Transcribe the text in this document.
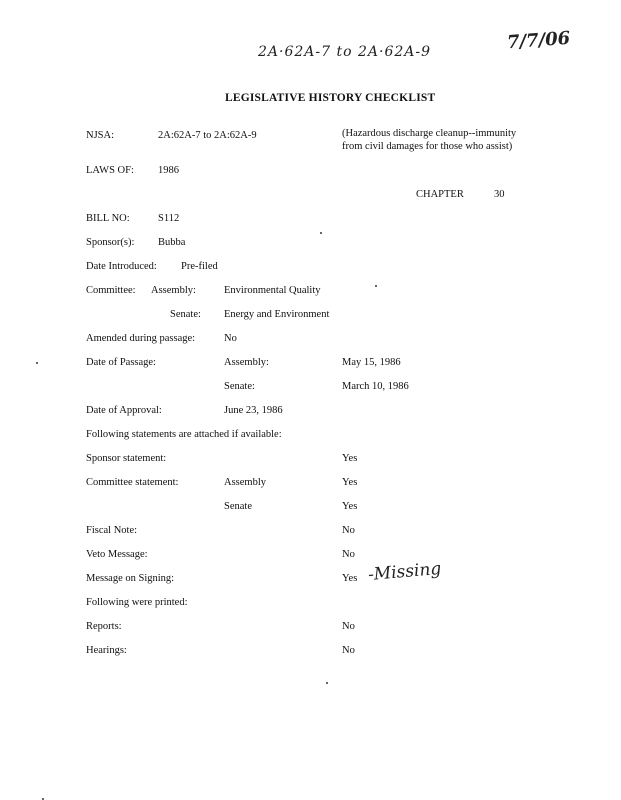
2A·62A-7 to 2A·62A-9	7/7/06
LEGISLATIVE HISTORY CHECKLIST
NJSA:	2A:62A-7 to 2A:62A-9	(Hazardous discharge cleanup--immunity
from civil damages for those who assist)
LAWS OF: 1986
CHAPTER	30
BILL NO:	S112
Sponsor(s): Bubba
Date Introduced: Pre-filed
Committee: Assembly:	Environmental Quality
Senate: Energy and Environment
Amended during passage:	No
Date of Passage:	Assembly:	May 15, 1986
Senate:	March 10, 1986
Date of Approval:	June 23, 1986
Following statements are attached if available:
Sponsor statement:	Yes
Committee statement:	Assembly	Yes
Senate	Yes
Fiscal Note:	No
Veto Message:	No
Message on Signing:	Yes -Missing
Following were printed:
Reports:	No
Hearings:	No
